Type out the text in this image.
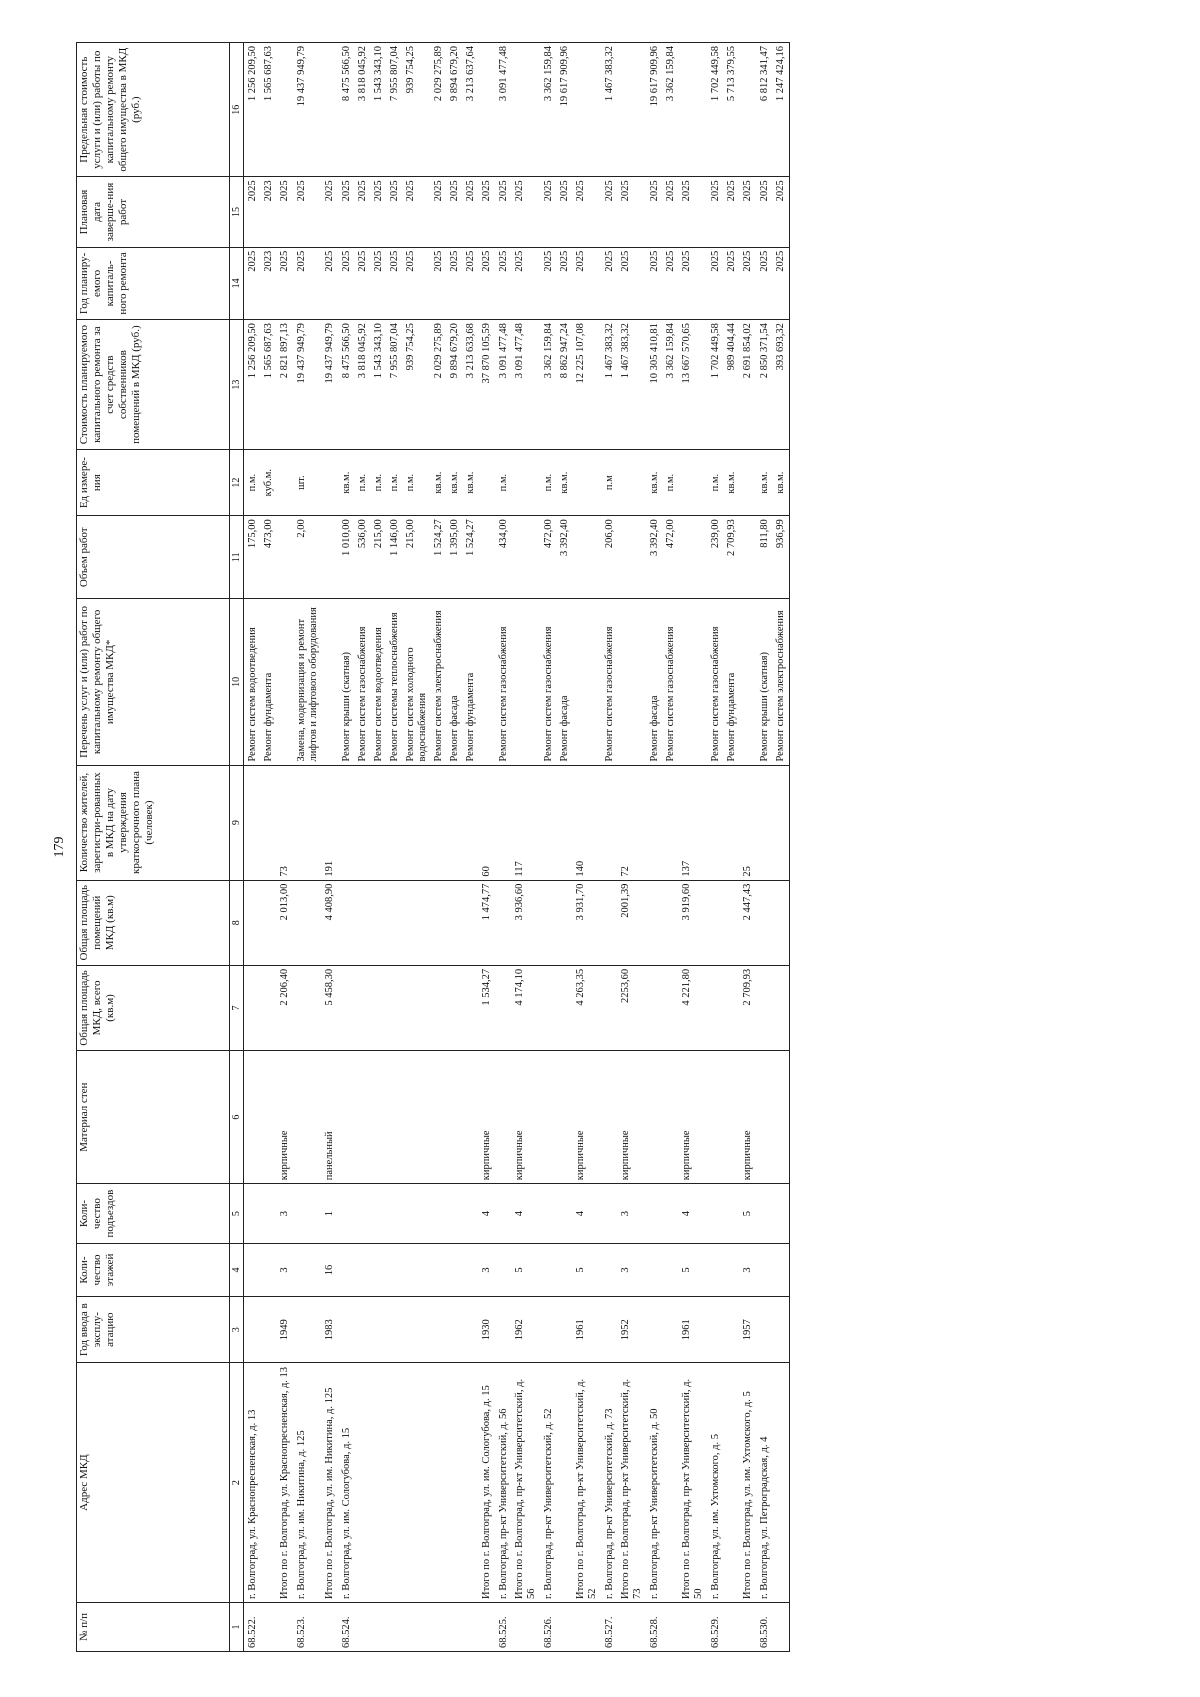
179
№ п/п	Адрес МКД	Год ввода в эксплу-атацию	Коли-чество этажей	Коли-чество подъездов	Материал стен	Общая площадь МКД, всего (кв.м)	Общая площадь помещений МКД (кв.м)	Количество жителей, зарегистри-рованных в МКД на дату утверждения краткосрочного плана (человек)	Перечень услуг и (или) работ по капитальному ремонту общего имущества МКД*	Объем работ	Ед измере-ния	Стоимость планируемого капитального ремонта за счет средств собственников помещений в МКД (руб.)	Год планиру-емого капиталь-ного ремонта	Плановая дата заверше-ния работ	Предельная стоимость услуги и (или) работы по капитальному ремонту общего имущества в МКД (руб.)
1	2	3	4	5	6	7	8	9	10	11	12	13	14	15	16
68.522.	г. Волгоград, ул. Краснопресненская, д. 13								Ремонт систем водоотведения	175,00	п.м.	1 256 209,50	2025	2025	1 256 209,50
									Ремонт фундамента	473,00	куб.м.	1 565 687,63	2023	2023	1 565 687,63
	Итого по г. Волгоград, ул. Краснопресненская, д. 13	1949	3	3	кирпичные	2 206,40	2 013,00	73				2 821 897,13	2025	2025	
68.523.	г. Волгоград, ул. им. Никитина, д. 125								Замена, модернизация и ремонт лифтов и лифтового оборудования	2,00	шт.	19 437 949,79	2025	2025	19 437 949,79
	Итого по г. Волгоград, ул. им. Никитина, д. 125	1983	16	1	панельный	5 458,30	4 408,90	191				19 437 949,79	2025	2025	
68.524.	г. Волгоград, ул. им. Сологубова, д. 15								Ремонт крыши (скатная)	1 010,00	кв.м.	8 475 566,50	2025	2025	8 475 566,50
									Ремонт систем газоснабжения	536,00	п.м.	3 818 045,92	2025	2025	3 818 045,92
									Ремонт систем водоотведения	215,00	п.м.	1 543 343,10	2025	2025	1 543 343,10
									Ремонт системы теплоснабжения	1 146,00	п.м.	7 955 807,04	2025	2025	7 955 807,04
									Ремонт систем холодного водоснабжения	215,00	п.м.	939 754,25	2025	2025	939 754,25
									Ремонт систем электроснабжения	1 524,27	кв.м.	2 029 275,89	2025	2025	2 029 275,89
									Ремонт фасада	1 395,00	кв.м.	9 894 679,20	2025	2025	9 894 679,20
									Ремонт фундамента	1 524,27	кв.м.	3 213 633,68	2025	2025	3 213 637,64
	Итого по г. Волгоград, ул. им. Сологубова, д. 15	1930	3	4	кирпичные	1 534,27	1 474,77	60				37 870 105,59	2025	2025	
68.525.	г. Волгоград, пр-кт Университетский, д. 56								Ремонт систем газоснабжения	434,00	п.м.	3 091 477,48	2025	2025	3 091 477,48
	Итого по г. Волгоград, пр-кт Университетский, д. 56	1962	5	4	кирпичные	4 174,10	3 936,60	117				3 091 477,48	2025	2025	
68.526.	г. Волгоград, пр-кт Университетский, д. 52								Ремонт систем газоснабжения	472,00	п.м.	3 362 159,84	2025	2025	3 362 159,84
									Ремонт фасада	3 392,40	кв.м.	8 862 947,24	2025	2025	19 617 909,96
	Итого по г. Волгоград, пр-кт Университетский, д. 52	1961	5	4	кирпичные	4 263,35	3 931,70	140				12 225 107,08	2025	2025	
68.527.	г. Волгоград, пр-кт Университетский, д. 73								Ремонт систем газоснабжения	206,00	п.м	1 467 383,32	2025	2025	1 467 383,32
	Итого по г. Волгоград, пр-кт Университетский, д. 73	1952	3	3	кирпичные	2253,60	2001,39	72				1 467 383,32	2025	2025	
68.528.	г. Волгоград, пр-кт Университетский, д. 50								Ремонт фасада	3 392,40	кв.м.	10 305 410,81	2025	2025	19 617 909,96
									Ремонт систем газоснабжения	472,00	п.м.	3 362 159,84	2025	2025	3 362 159,84
	Итого по г. Волгоград, пр-кт Университетский, д. 50	1961	5	4	кирпичные	4 221,80	3 919,60	137				13 667 570,65	2025	2025	
68.529.	г. Волгоград, ул. им. Ухтомского, д. 5								Ремонт систем газоснабжения	239,00	п.м.	1 702 449,58	2025	2025	1 702 449,58
									Ремонт фундамента	2 709,93	кв.м.	989 404,44	2025	2025	5 713 379,55
	Итого по г. Волгоград, ул. им. Ухтомского, д. 5	1957	3	5	кирпичные	2 709,93	2 447,43	25				2 691 854,02	2025	2025	
68.530.	г. Волгоград, ул. Петроградская, д. 4								Ремонт крыши (скатная)	811,80	кв.м.	2 850 371,54	2025	2025	6 812 341,47
									Ремонт систем электроснабжения	936,99	кв.м.	393 693,32	2025	2025	1 247 424,16
